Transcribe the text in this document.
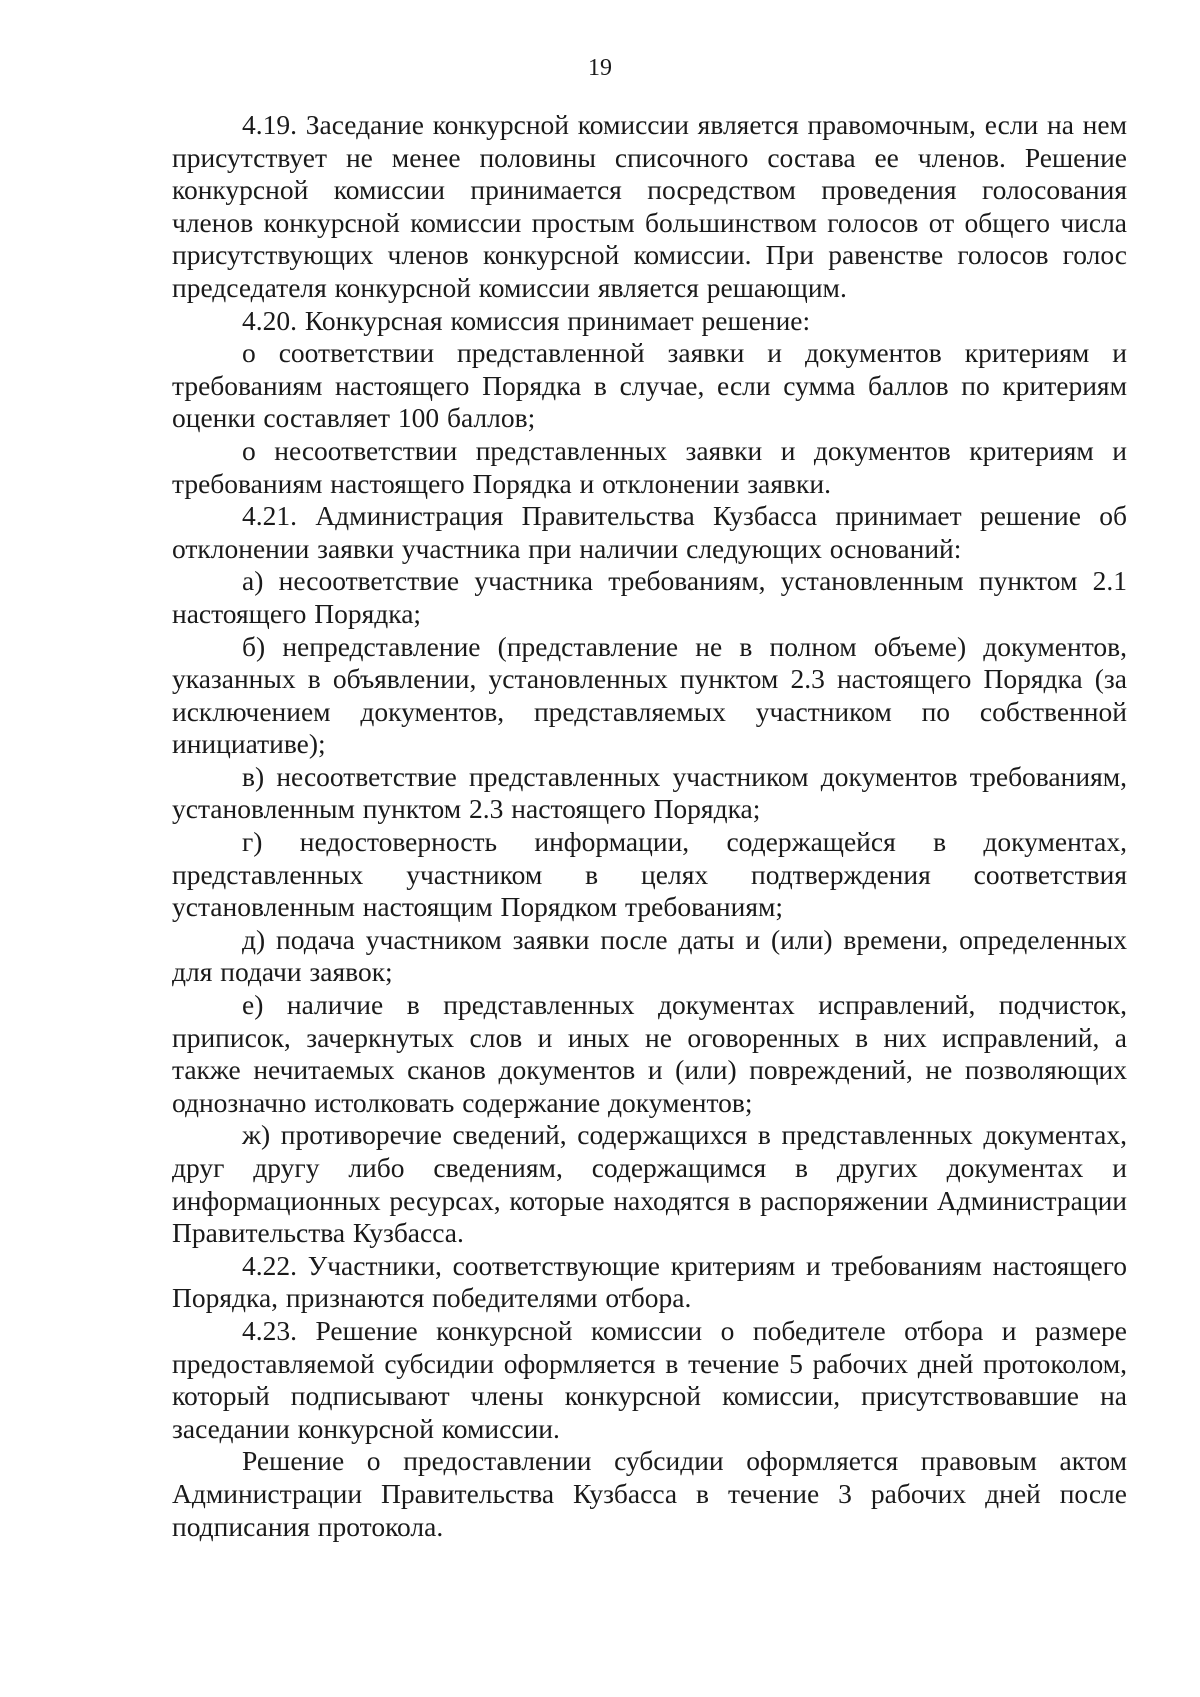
19

4.19. Заседание конкурсной комиссии является правомочным, если на нем присутствует не менее половины списочного состава ее членов. Решение конкурсной комиссии принимается посредством проведения голосования членов конкурсной комиссии простым большинством голосов от общего числа присутствующих членов конкурсной комиссии. При равенстве голосов голос председателя конкурсной комиссии является решающим.

4.20. Конкурсная комиссия принимает решение:

о соответствии представленной заявки и документов критериям и требованиям настоящего Порядка в случае, если сумма баллов по критериям оценки составляет 100 баллов;

о несоответствии представленных заявки и документов критериям и требованиям настоящего Порядка и отклонении заявки.

4.21. Администрация Правительства Кузбасса принимает решение об отклонении заявки участника при наличии следующих оснований:

а) несоответствие участника требованиям, установленным пунктом 2.1 настоящего Порядка;

б) непредставление (представление не в полном объеме) документов, указанных в объявлении, установленных пунктом 2.3 настоящего Порядка (за исключением документов, представляемых участником по собственной инициативе);

в) несоответствие представленных участником документов требованиям, установленным пунктом 2.3 настоящего Порядка;

г) недостоверность информации, содержащейся в документах, представленных участником в целях подтверждения соответствия установленным настоящим Порядком требованиям;

д) подача участником заявки после даты и (или) времени, определенных для подачи заявок;

е) наличие в представленных документах исправлений, подчисток, приписок, зачеркнутых слов и иных не оговоренных в них исправлений, а также нечитаемых сканов документов и (или) повреждений, не позволяющих однозначно истолковать содержание документов;

ж) противоречие сведений, содержащихся в представленных документах, друг другу либо сведениям, содержащимся в других документах и информационных ресурсах, которые находятся в распоряжении Администрации Правительства Кузбасса.

4.22. Участники, соответствующие критериям и требованиям настоящего Порядка, признаются победителями отбора.

4.23. Решение конкурсной комиссии о победителе отбора и размере предоставляемой субсидии оформляется в течение 5 рабочих дней протоколом, который подписывают члены конкурсной комиссии, присутствовавшие на заседании конкурсной комиссии.

Решение о предоставлении субсидии оформляется правовым актом Администрации Правительства Кузбасса в течение 3 рабочих дней после подписания протокола.
